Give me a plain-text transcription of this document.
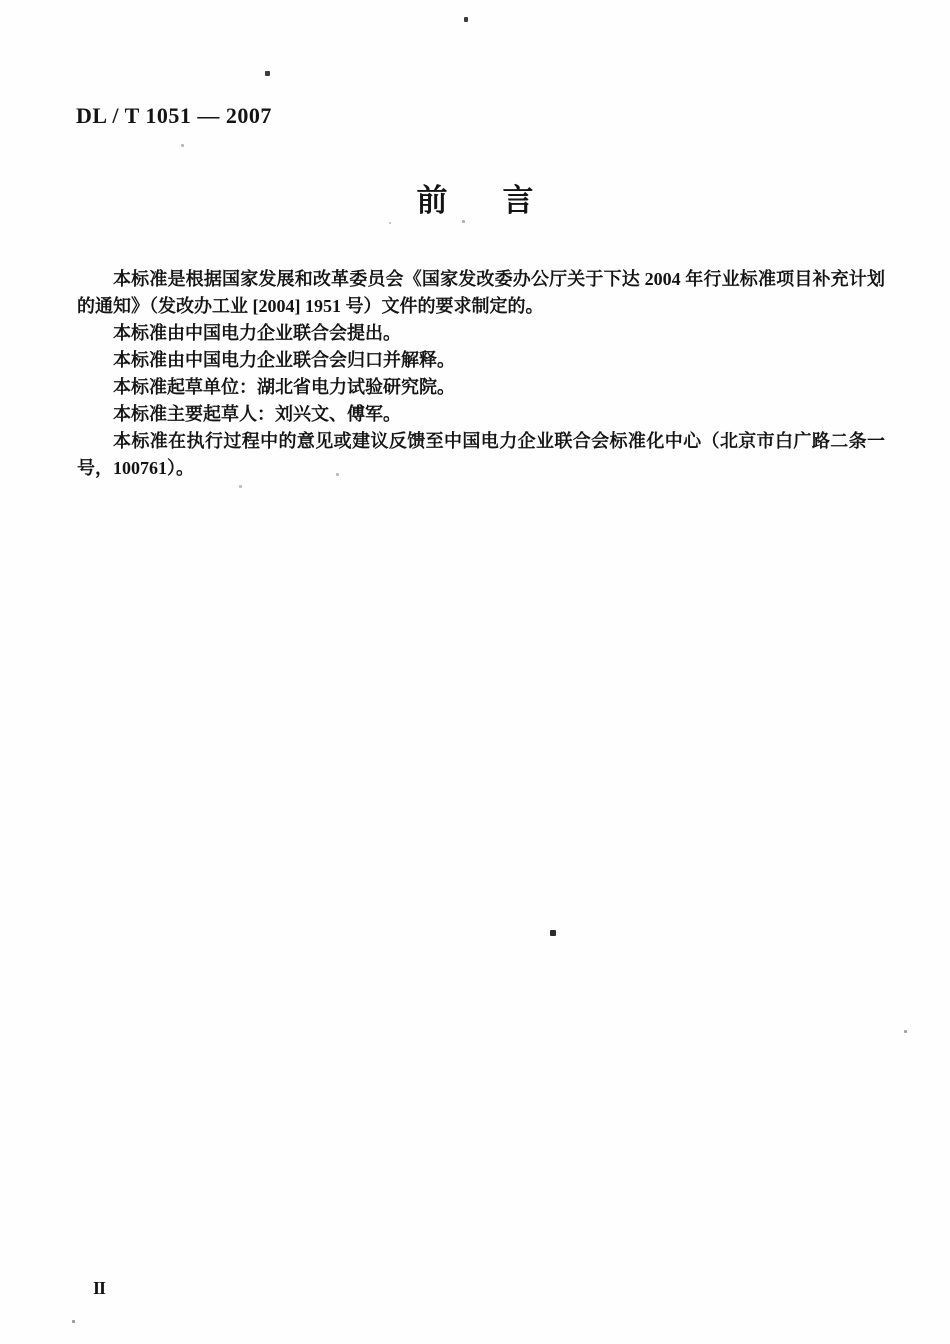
DL / T 1051 — 2007
前 言

本标准是根据国家发展和改革委员会《国家发改委办公厅关于下达 2004 年行业标准项目补充计划的通知》（发改办工业 [2004] 1951 号）文件的要求制定的。

本标准由中国电力企业联合会提出。

本标准由中国电力企业联合会归口并解释。

本标准起草单位：湖北省电力试验研究院。

本标准主要起草人：刘兴文、傅军。

本标准在执行过程中的意见或建议反馈至中国电力企业联合会标准化中心（北京市白广路二条一号，100761）。

II
